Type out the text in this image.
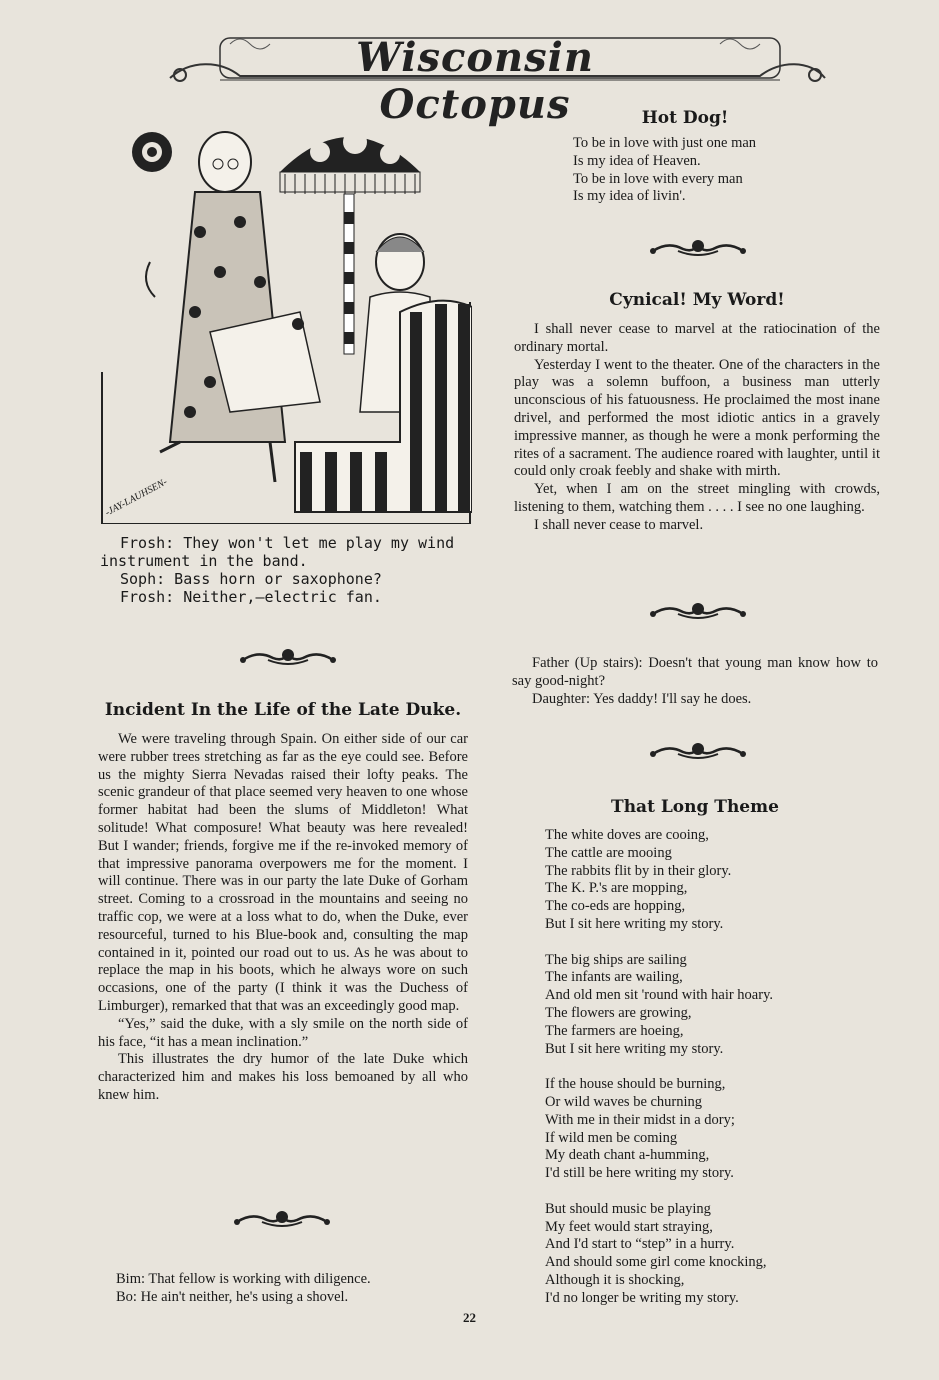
Wisconsin Octopus
-JAY-LAUHSEN-

Frosh: They won't let me play my wind

instrument in the band.

Soph: Bass horn or saxophone?

Frosh: Neither,—electric fan.

Incident In the Life of the Late Duke.

We were traveling through Spain. On either side of our car were rubber trees stretching as far as the eye could see. Before us the mighty Sierra Nevadas raised their lofty peaks. The scenic grandeur of that place seemed very heaven to one whose former habitat had been the slums of Middleton! What solitude! What composure! What beauty was here revealed! But I wander; friends, forgive me if the re-invoked memory of that impressive panorama overpowers me for the moment. I will continue. There was in our party the late Duke of Gorham street. Coming to a crossroad in the mountains and seeing no traffic cop, we were at a loss what to do, when the Duke, ever resourceful, turned to his Blue-book and, consulting the map contained in it, pointed our road out to us. As he was about to replace the map in his boots, which he always wore on such occasions, one of the party (I think it was the Duchess of Limburger), remarked that that was an exceedingly good map.

“Yes,” said the duke, with a sly smile on the north side of his face, “it has a mean inclination.”

This illustrates the dry humor of the late Duke which characterized him and makes his loss bemoaned by all who knew him.

Bim: That fellow is working with diligence.

Bo: He ain't neither, he's using a shovel.

Hot Dog!

To be in love with just one man

Is my idea of Heaven.

To be in love with every man

Is my idea of livin'.

Cynical! My Word!

I shall never cease to marvel at the ratiocination of the ordinary mortal.

Yesterday I went to the theater. One of the characters in the play was a solemn buffoon, a business man utterly unconscious of his fatuousness. He proclaimed the most inane drivel, and performed the most idiotic antics in a gravely impressive manner, as though he were a monk performing the rites of a sacrament. The audience roared with laughter, until it could only croak feebly and shake with mirth.

Yet, when I am on the street mingling with crowds, listening to them, watching them . . . . I see no one laughing.

I shall never cease to marvel.

Father (Up stairs): Doesn't that young man know how to say good-night?

Daughter: Yes daddy! I'll say he does.

That Long Theme

The white doves are cooing,

The cattle are mooing

The rabbits flit by in their glory.

The K. P.'s are mopping,

The co-eds are hopping,

But I sit here writing my story.

The big ships are sailing

The infants are wailing,

And old men sit 'round with hair hoary.

The flowers are growing,

The farmers are hoeing,

But I sit here writing my story.

If the house should be burning,

Or wild waves be churning

With me in their midst in a dory;

If wild men be coming

My death chant a-humming,

I'd still be here writing my story.

But should music be playing

My feet would start straying,

And I'd start to “step” in a hurry.

And should some girl come knocking,

Although it is shocking,

I'd no longer be writing my story.

22
